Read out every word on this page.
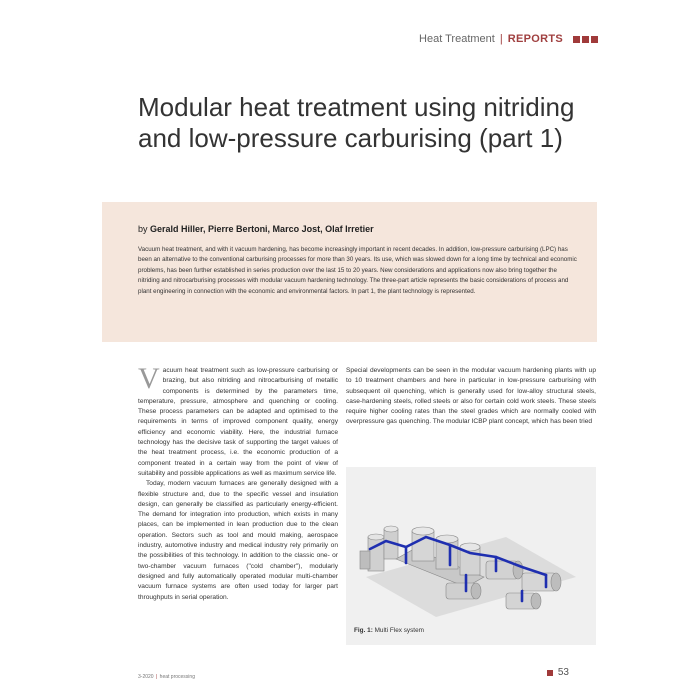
Heat Treatment | REPORTS
Modular heat treatment using nitriding and low-pressure carburising (part 1)
by Gerald Hiller, Pierre Bertoni, Marco Jost, Olaf Irretier
Vacuum heat treatment, and with it vacuum hardening, has become increasingly important in recent decades. In addition, low-pressure carburising (LPC) has been an alternative to the conventional carburising processes for more than 30 years. Its use, which was slowed down for a long time by technical and economic problems, has been further established in series production over the last 15 to 20 years. New considerations and applications now also bring together the nitriding and nitrocarburising processes with modular vacuum hardening technology. The three-part article represents the basic considerations of process and plant engineering in connection with the economic and environmental factors. In part 1, the plant technology is represented.

Vacuum heat treatment such as low-pressure carburising or brazing, but also nitriding and nitrocarburising of metallic components is determined by the parameters time, temperature, pressure, atmosphere and quenching or cooling. These process parameters can be adapted and optimised to the requirements in terms of improved component quality, energy efficiency and economic viability. Here, the industrial furnace technology has the decisive task of supporting the target values of the heat treatment process, i.e. the economic production of a component treated in a certain way from the point of view of suitability and possible applications as well as maximum service life.

Today, modern vacuum furnaces are generally designed with a flexible structure and, due to the specific vessel and insulation design, can generally be classified as particularly energy-efficient. The demand for integration into production, which exists in many places, can be implemented in lean production due to the clean operation. Sectors such as tool and mould making, aerospace industry, automotive industry and medical industry rely primarily on the possibilities of this technology. In addition to the classic one- or two-chamber vacuum furnaces ("cold chamber"), modularly designed and fully automatically operated modular multi-chamber vacuum furnace systems are often used today for larger part throughputs in serial operation.

Special developments can be seen in the modular vacuum hardening plants with up to 10 treatment chambers and here in particular in low-pressure carburising with subsequent oil quenching, which is generally used for low-alloy structural steels, case-hardening steels, rolled steels or also for certain cold work steels. These steels require higher cooling rates than the steel grades which are normally cooled with overpressure gas quenching. The modular ICBP plant concept, which has been tried

Fig. 1: Multi Flex system
3-2020 | heat processing	53
